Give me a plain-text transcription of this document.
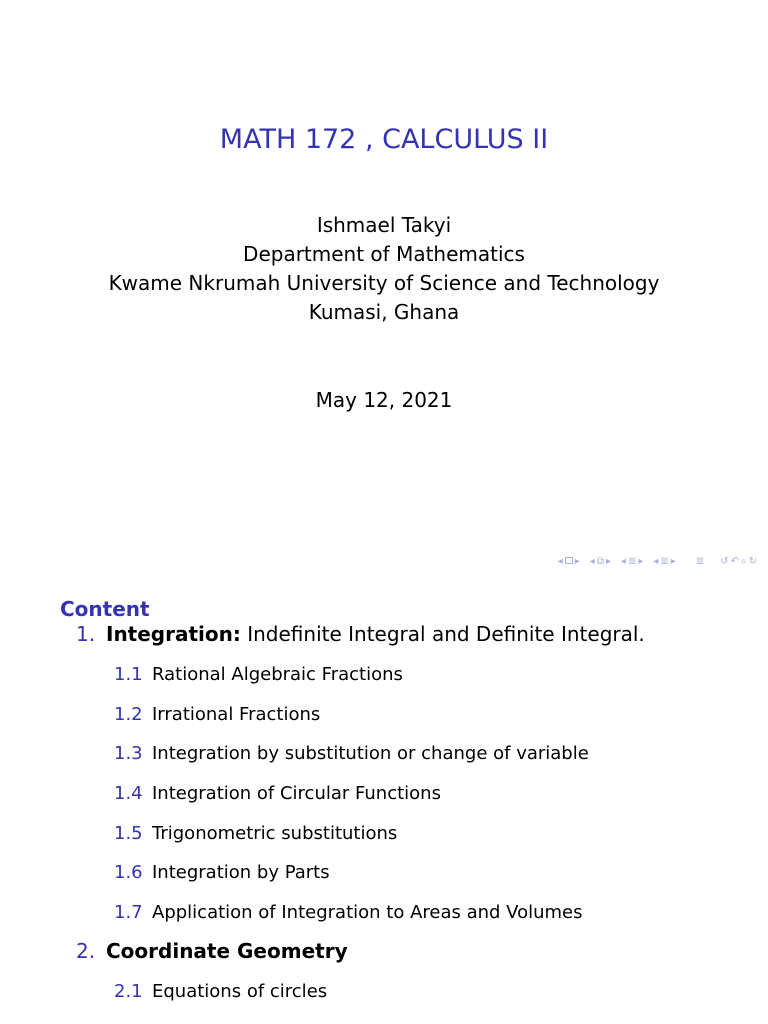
MATH 172 , CALCULUS II
Ishmael Takyi
Department of Mathematics
Kwame Nkrumah University of Science and Technology
Kumasi, Ghana
May 12, 2021
◂ ▸ ◂ ⧉ ▸ ◂ ≣ ▸ ◂ ≣ ▸ ≣ ↺ ↶ ⌕ ↻
Content
1. Integration: Indefinite Integral and Definite Integral.
1.1 Rational Algebraic Fractions
1.2 Irrational Fractions
1.3 Integration by substitution or change of variable
1.4 Integration of Circular Functions
1.5 Trigonometric substitutions
1.6 Integration by Parts
1.7 Application of Integration to Areas and Volumes
2. Coordinate Geometry
2.1 Equations of circles
